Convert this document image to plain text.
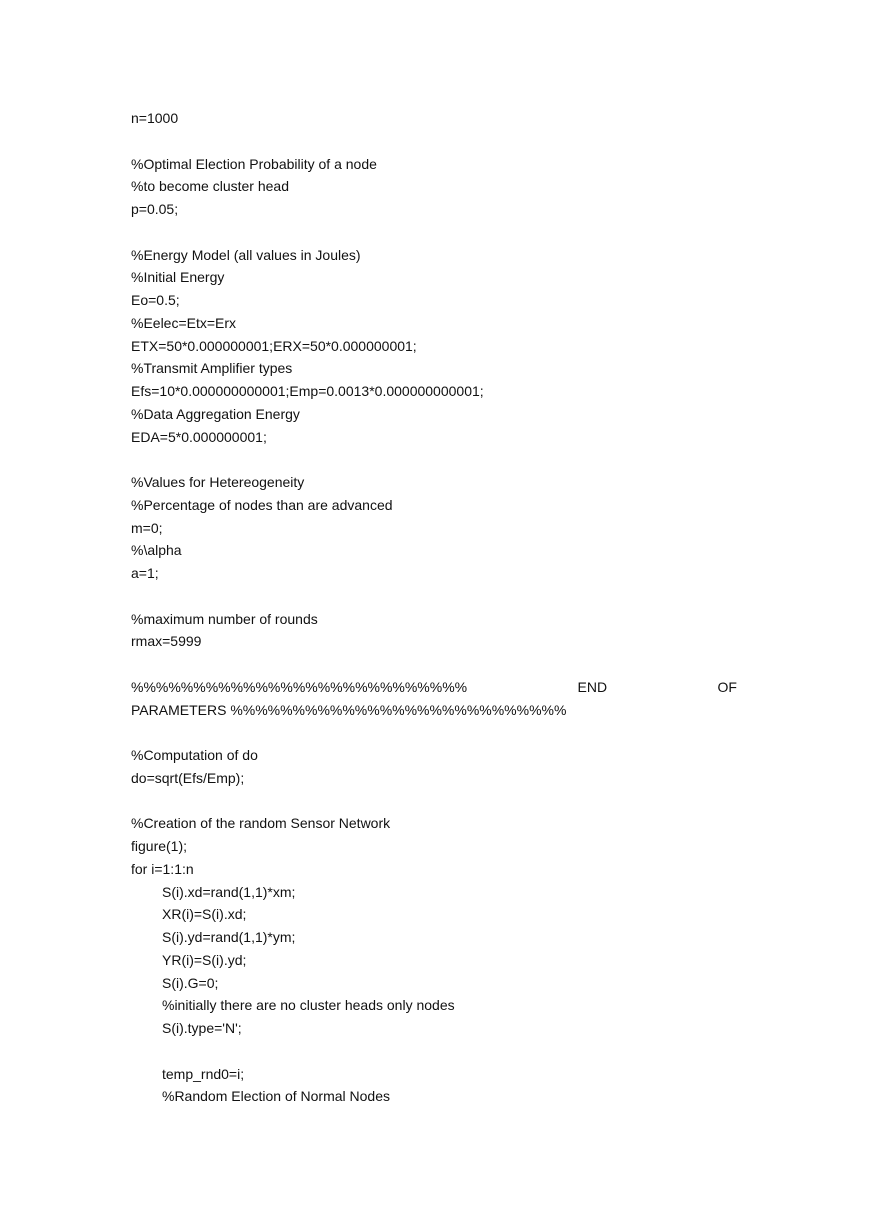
n=1000
%Optimal Election Probability of a node
%to become cluster head
p=0.05;
%Energy Model (all values in Joules)
%Initial Energy
Eo=0.5;
%Eelec=Etx=Erx
ETX=50*0.000000001;ERX=50*0.000000001;
%Transmit Amplifier types
Efs=10*0.000000000001;Emp=0.0013*0.000000000001;
%Data Aggregation Energy
EDA=5*0.000000001;
%Values for Hetereogeneity
%Percentage of nodes than are advanced
m=0;
%\alpha
a=1;
%maximum number of rounds
rmax=5999
%%%%%%%%%%%%%%%%%%%%%%%%%%%	END	OF
PARAMETERS %%%%%%%%%%%%%%%%%%%%%%%%%%%
%Computation of do
do=sqrt(Efs/Emp);
%Creation of the random Sensor Network
figure(1);
for i=1:1:n
S(i).xd=rand(1,1)*xm;
XR(i)=S(i).xd;
S(i).yd=rand(1,1)*ym;
YR(i)=S(i).yd;
S(i).G=0;
%initially there are no cluster heads only nodes
S(i).type='N';
temp_rnd0=i;
%Random Election of Normal Nodes
